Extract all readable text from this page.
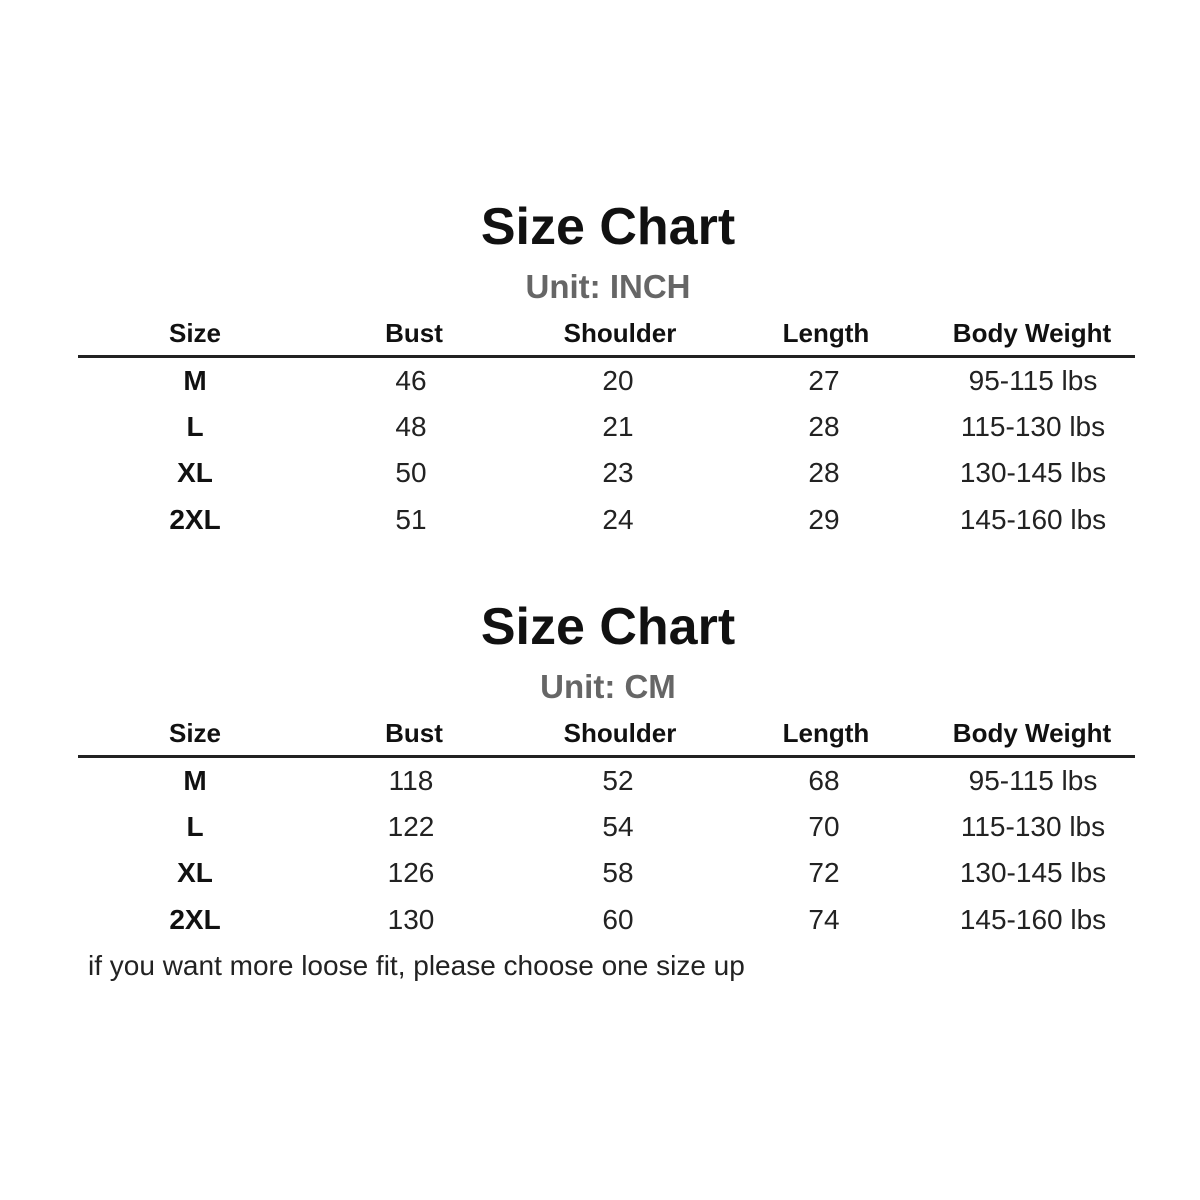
Size Chart
Unit: INCH
Size	Bust	Shoulder	Length	Body Weight
M	46	20	27	95-115 lbs
L	48	21	28	115-130 lbs
XL	50	23	28	130-145 lbs
2XL	51	24	29	145-160 lbs
Size Chart
Unit: CM
Size	Bust	Shoulder	Length	Body Weight
M	118	52	68	95-115 lbs
L	122	54	70	115-130 lbs
XL	126	58	72	130-145 lbs
2XL	130	60	74	145-160 lbs
if you want more loose fit, please choose one size up
